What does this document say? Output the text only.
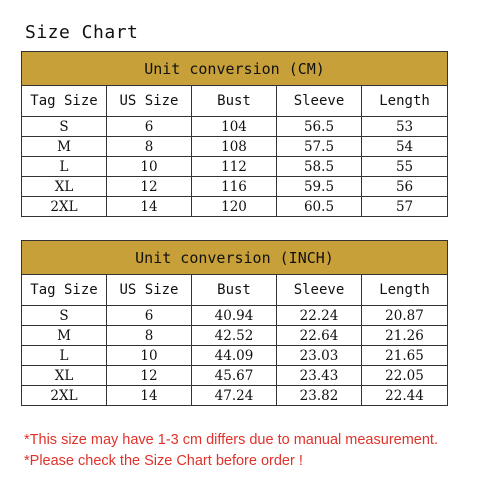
Size Chart
Unit conversion (CM)				
Tag Size	US Size	Bust	Sleeve	Length
S	6	104	56.5	53
M	8	108	57.5	54
L	10	112	58.5	55
XL	12	116	59.5	56
2XL	14	120	60.5	57
Unit conversion (INCH)				
Tag Size	US Size	Bust	Sleeve	Length
S	6	40.94	22.24	20.87
M	8	42.52	22.64	21.26
L	10	44.09	23.03	21.65
XL	12	45.67	23.43	22.05
2XL	14	47.24	23.82	22.44
*This size may have 1-3 cm differs due to manual measurement.
*Please check the Size Chart before order !
